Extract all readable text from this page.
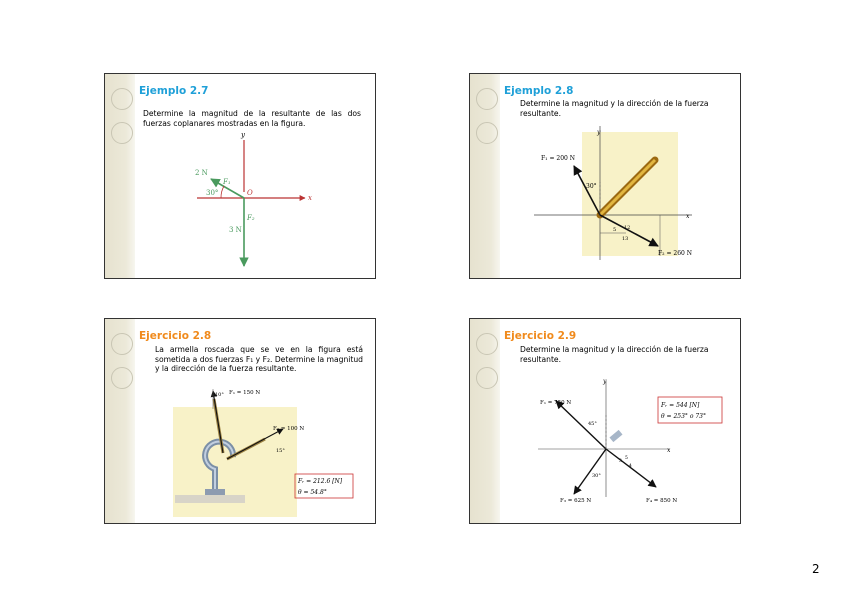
Ejemplo 2.7
Determine la magnitud de la resultante de las dos fuerzas coplanares mostradas en la figura.
y
x
O
2 N
F₁
30°
F₂
3 N
Ejemplo 2.8
Determine la magnitud y la dirección de la fuerza resultante.
y
x
F₁ = 200 N
30°
12
5
13
F₂ = 260 N
Ejercicio 2.8
La armella roscada que se ve en la figura está sometida a dos fuerzas F₁ y F₂. Determine la magnitud y la dirección de la fuerza resultante.
10° F₁ = 150 N
F₂ = 100 N
15°
Fᵣ = 212.6 [N]
θ = 54.8°
Ejercicio 2.9
Determine la magnitud y la dirección de la fuerza resultante.
y
x
F₁ = 750 N
45°
30°
3
4
5
F₃ = 625 N	F₄ = 850 N
Fᵣ = 544 [N]
θ = 253° o 73°
2
